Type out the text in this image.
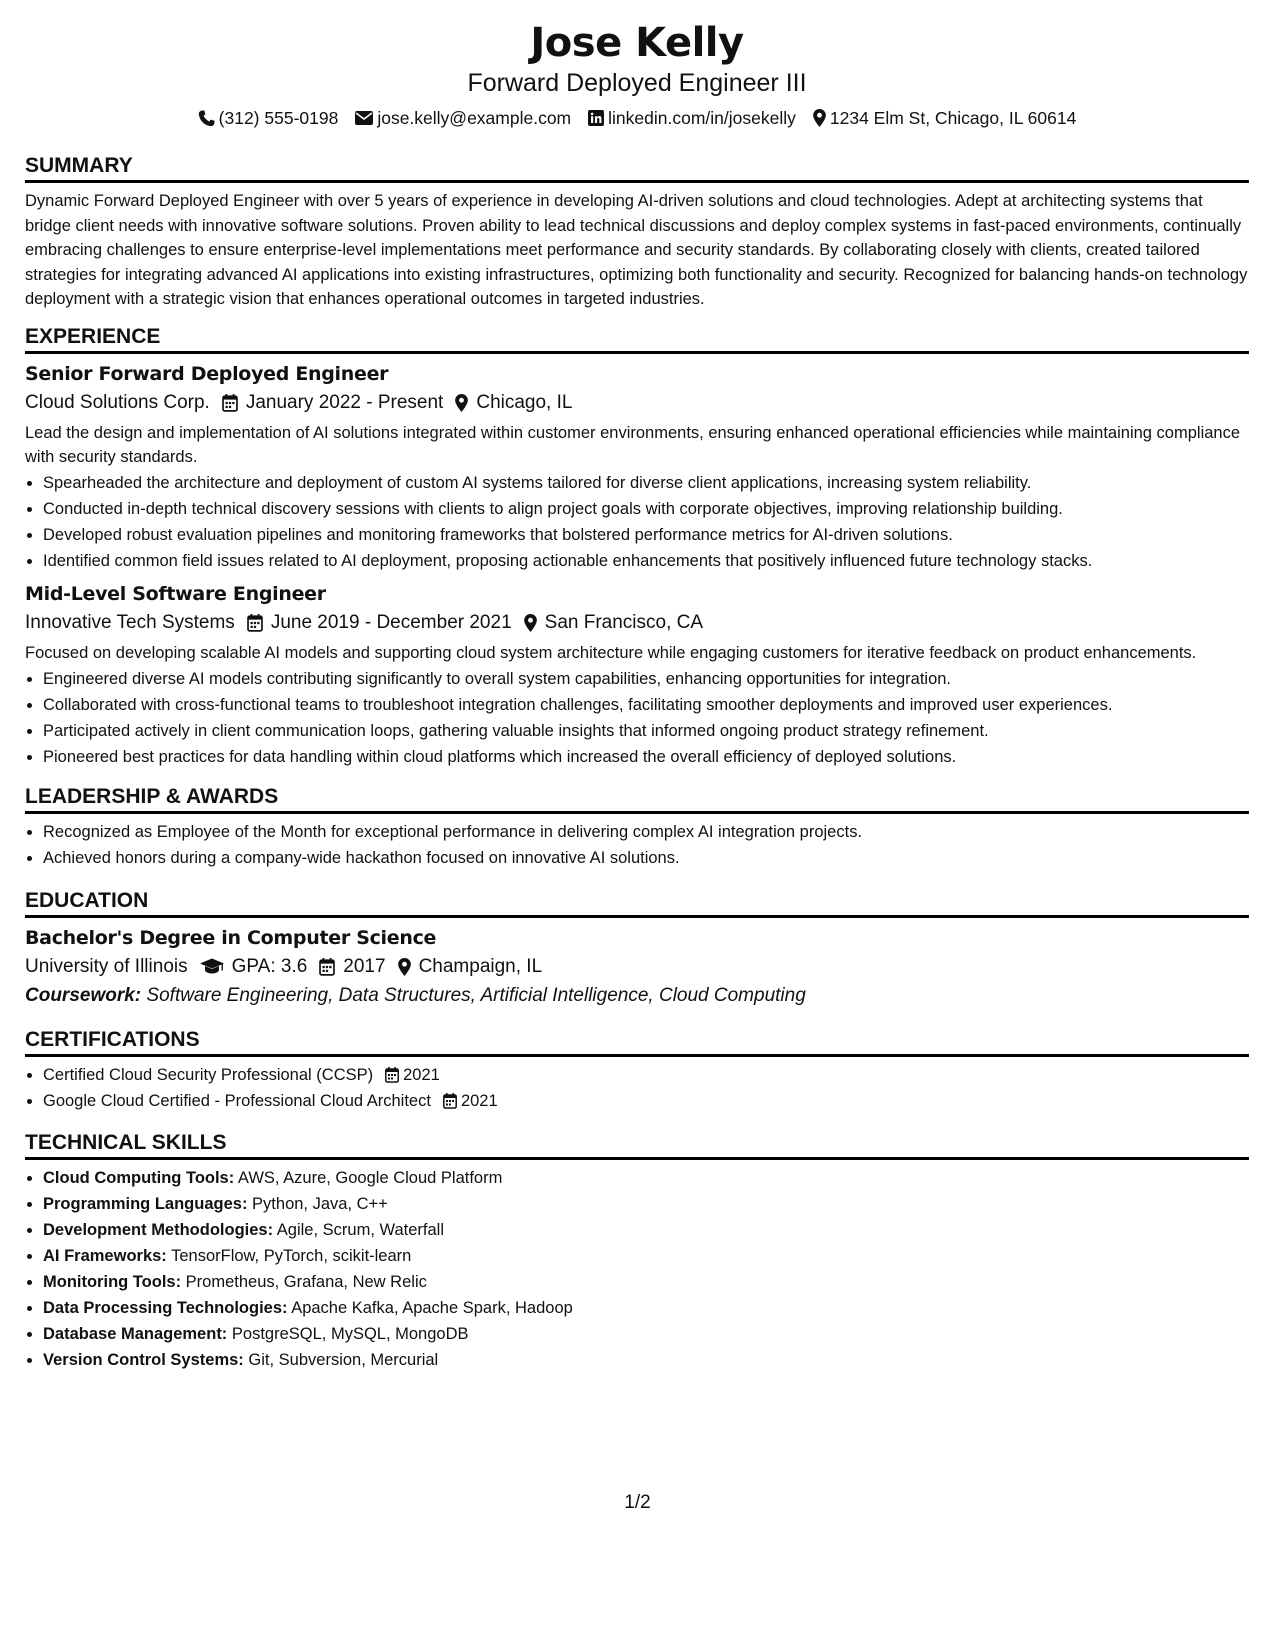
Jose Kelly
Forward Deployed Engineer III
(312) 555-0198 jose.kelly@example.com linkedin.com/in/josekelly 1234 Elm St, Chicago, IL 60614
SUMMARY

Dynamic Forward Deployed Engineer with over 5 years of experience in developing AI-driven solutions and cloud technologies. Adept at architecting systems that bridge client needs with innovative software solutions. Proven ability to lead technical discussions and deploy complex systems in fast-paced environments, continually embracing challenges to ensure enterprise-level implementations meet performance and security standards. By collaborating closely with clients, created tailored strategies for integrating advanced AI applications into existing infrastructures, optimizing both functionality and security. Recognized for balancing hands-on technology deployment with a strategic vision that enhances operational outcomes in targeted industries.

EXPERIENCE
Senior Forward Deployed Engineer
Cloud Solutions Corp. January 2022 - Present Chicago, IL

Lead the design and implementation of AI solutions integrated within customer environments, ensuring enhanced operational efficiencies while maintaining compliance with security standards.

• Spearheaded the architecture and deployment of custom AI systems tailored for diverse client applications, increasing system reliability.
• Conducted in-depth technical discovery sessions with clients to align project goals with corporate objectives, improving relationship building.
• Developed robust evaluation pipelines and monitoring frameworks that bolstered performance metrics for AI-driven solutions.
• Identified common field issues related to AI deployment, proposing actionable enhancements that positively influenced future technology stacks.
Mid-Level Software Engineer
Innovative Tech Systems June 2019 - December 2021 San Francisco, CA

Focused on developing scalable AI models and supporting cloud system architecture while engaging customers for iterative feedback on product enhancements.

• Engineered diverse AI models contributing significantly to overall system capabilities, enhancing opportunities for integration.
• Collaborated with cross-functional teams to troubleshoot integration challenges, facilitating smoother deployments and improved user experiences.
• Participated actively in client communication loops, gathering valuable insights that informed ongoing product strategy refinement.
• Pioneered best practices for data handling within cloud platforms which increased the overall efficiency of deployed solutions.
LEADERSHIP & AWARDS
• Recognized as Employee of the Month for exceptional performance in delivering complex AI integration projects.
• Achieved honors during a company-wide hackathon focused on innovative AI solutions.
EDUCATION
Bachelor's Degree in Computer Science
University of Illinois GPA: 3.6 2017 Champaign, IL
Coursework: Software Engineering, Data Structures, Artificial Intelligence, Cloud Computing
CERTIFICATIONS
• Certified Cloud Security Professional (CCSP) 2021
• Google Cloud Certified - Professional Cloud Architect 2021
TECHNICAL SKILLS
• Cloud Computing Tools: AWS, Azure, Google Cloud Platform
• Programming Languages: Python, Java, C++
• Development Methodologies: Agile, Scrum, Waterfall
• AI Frameworks: TensorFlow, PyTorch, scikit-learn
• Monitoring Tools: Prometheus, Grafana, New Relic
• Data Processing Technologies: Apache Kafka, Apache Spark, Hadoop
• Database Management: PostgreSQL, MySQL, MongoDB
• Version Control Systems: Git, Subversion, Mercurial
1/2
